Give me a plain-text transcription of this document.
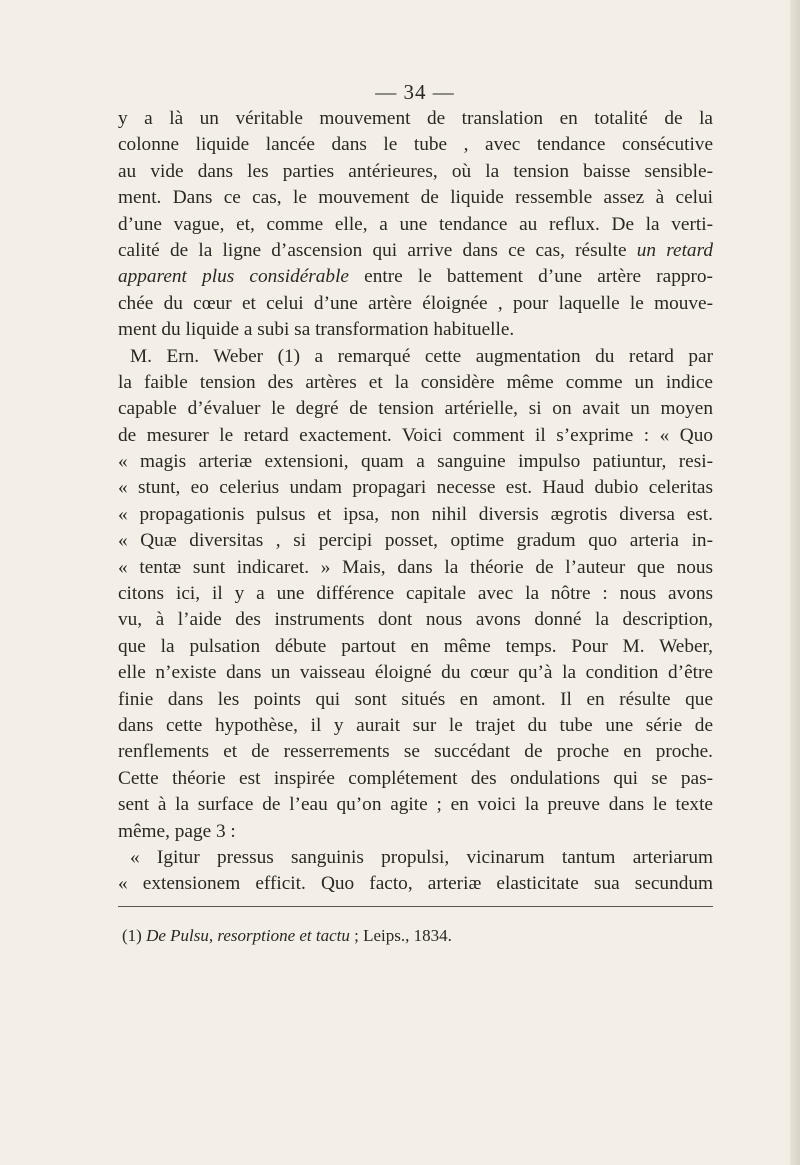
— 34 —
y a là un véritable mouvement de translation en totalité de la
colonne liquide lancée dans le tube , avec tendance consécutive
au vide dans les parties antérieures, où la tension baisse sensible-
ment. Dans ce cas, le mouvement de liquide ressemble assez à celui
d’une vague, et, comme elle, a une tendance au reflux. De la verti-
calité de la ligne d’ascension qui arrive dans ce cas, résulte un retard
apparent plus considérable entre le battement d’une artère rappro-
chée du cœur et celui d’une artère éloignée , pour laquelle le mouve-
ment du liquide a subi sa transformation habituelle.
M. Ern. Weber (1) a remarqué cette augmentation du retard par
la faible tension des artères et la considère même comme un indice
capable d’évaluer le degré de tension artérielle, si on avait un moyen
de mesurer le retard exactement. Voici comment il s’exprime : « Quo
« magis arteriæ extensioni, quam a sanguine impulso patiuntur, resi-
« stunt, eo celerius undam propagari necesse est. Haud dubio celeritas
« propagationis pulsus et ipsa, non nihil diversis ægrotis diversa est.
« Quæ diversitas , si percipi posset, optime gradum quo arteria in-
« tentæ sunt indicaret. » Mais, dans la théorie de l’auteur que nous
citons ici, il y a une différence capitale avec la nôtre : nous avons
vu, à l’aide des instruments dont nous avons donné la description,
que la pulsation débute partout en même temps. Pour M. Weber,
elle n’existe dans un vaisseau éloigné du cœur qu’à la condition d’être
finie dans les points qui sont situés en amont. Il en résulte que
dans cette hypothèse, il y aurait sur le trajet du tube une série de
renflements et de resserrements se succédant de proche en proche.
Cette théorie est inspirée complétement des ondulations qui se pas-
sent à la surface de l’eau qu’on agite ; en voici la preuve dans le texte
même, page 3 :
« Igitur pressus sanguinis propulsi, vicinarum tantum arteriarum
« extensionem efficit. Quo facto, arteriæ elasticitate sua secundum
(1) De Pulsu, resorptione et tactu ; Leips., 1834.
